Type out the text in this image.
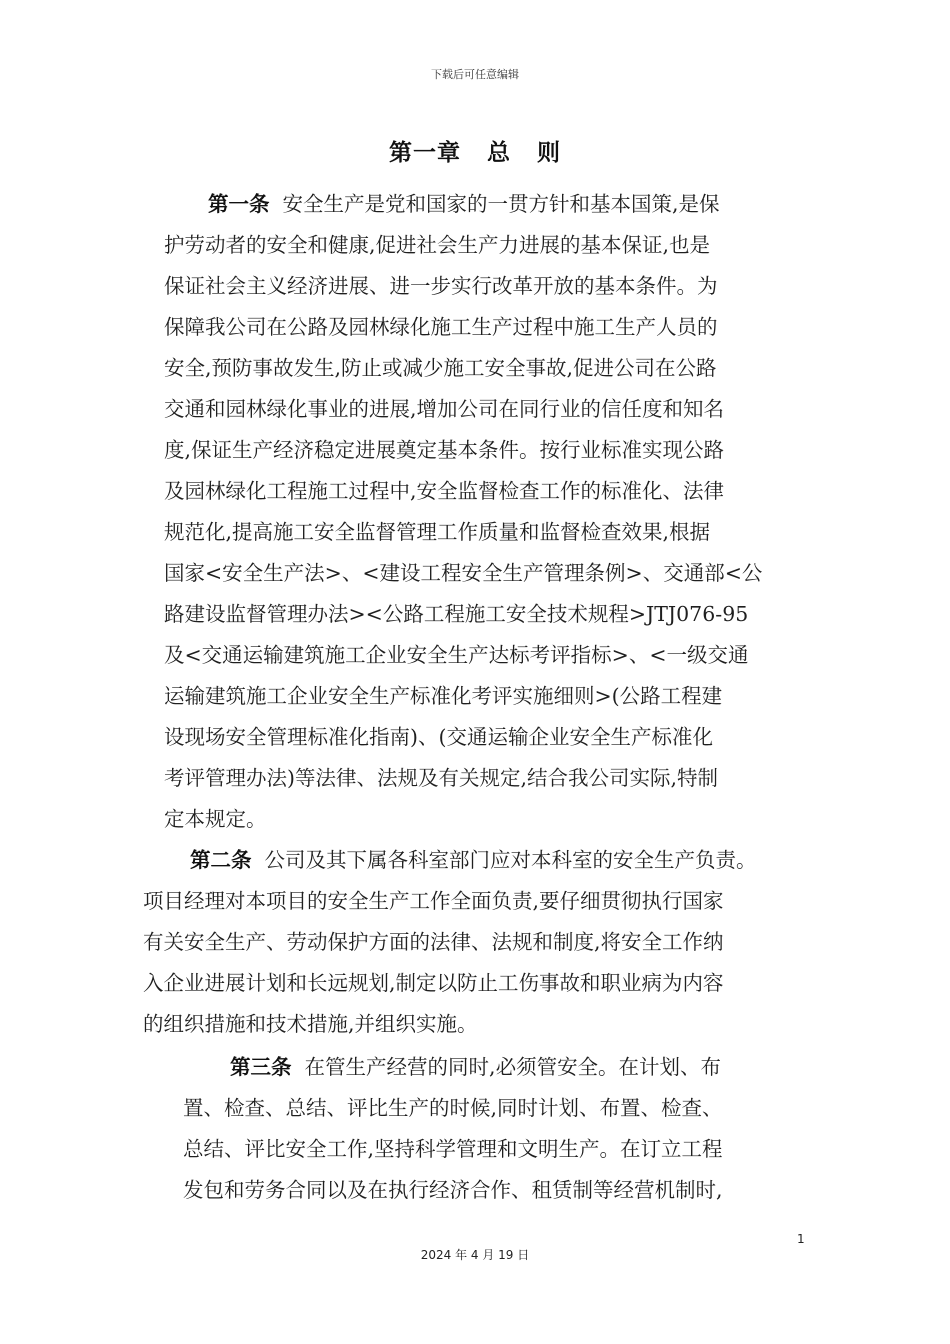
下载后可任意编辑
第一章 总 则
第一条 安全生产是党和国家的一贯方针和基本国策,是保
护劳动者的安全和健康,促进社会生产力进展的基本保证,也是
保证社会主义经济进展、进一步实行改革开放的基本条件。为
保障我公司在公路及园林绿化施工生产过程中施工生产人员的
安全,预防事故发生,防止或减少施工安全事故,促进公司在公路
交通和园林绿化事业的进展,增加公司在同行业的信任度和知名
度,保证生产经济稳定进展奠定基本条件。按行业标准实现公路
及园林绿化工程施工过程中,安全监督检查工作的标准化、法律
规范化,提高施工安全监督管理工作质量和监督检查效果,根据
国家<安全生产法>、<建设工程安全生产管理条例>、交通部<公
路建设监督管理办法><公路工程施工安全技术规程>JTJ076-95
及<交通运输建筑施工企业安全生产达标考评指标>、<一级交通
运输建筑施工企业安全生产标准化考评实施细则>(公路工程建
设现场安全管理标准化指南)、(交通运输企业安全生产标准化
考评管理办法)等法律、法规及有关规定,结合我公司实际,特制
定本规定。
第二条 公司及其下属各科室部门应对本科室的安全生产负责。
项目经理对本项目的安全生产工作全面负责,要仔细贯彻执行国家
有关安全生产、劳动保护方面的法律、法规和制度,将安全工作纳
入企业进展计划和长远规划,制定以防止工伤事故和职业病为内容
的组织措施和技术措施,并组织实施。
第三条 在管生产经营的同时,必须管安全。在计划、布
置、检查、总结、评比生产的时候,同时计划、布置、检查、
总结、评比安全工作,坚持科学管理和文明生产。在订立工程
发包和劳务合同以及在执行经济合作、租赁制等经营机制时,
1
2024 年 4 月 19 日
